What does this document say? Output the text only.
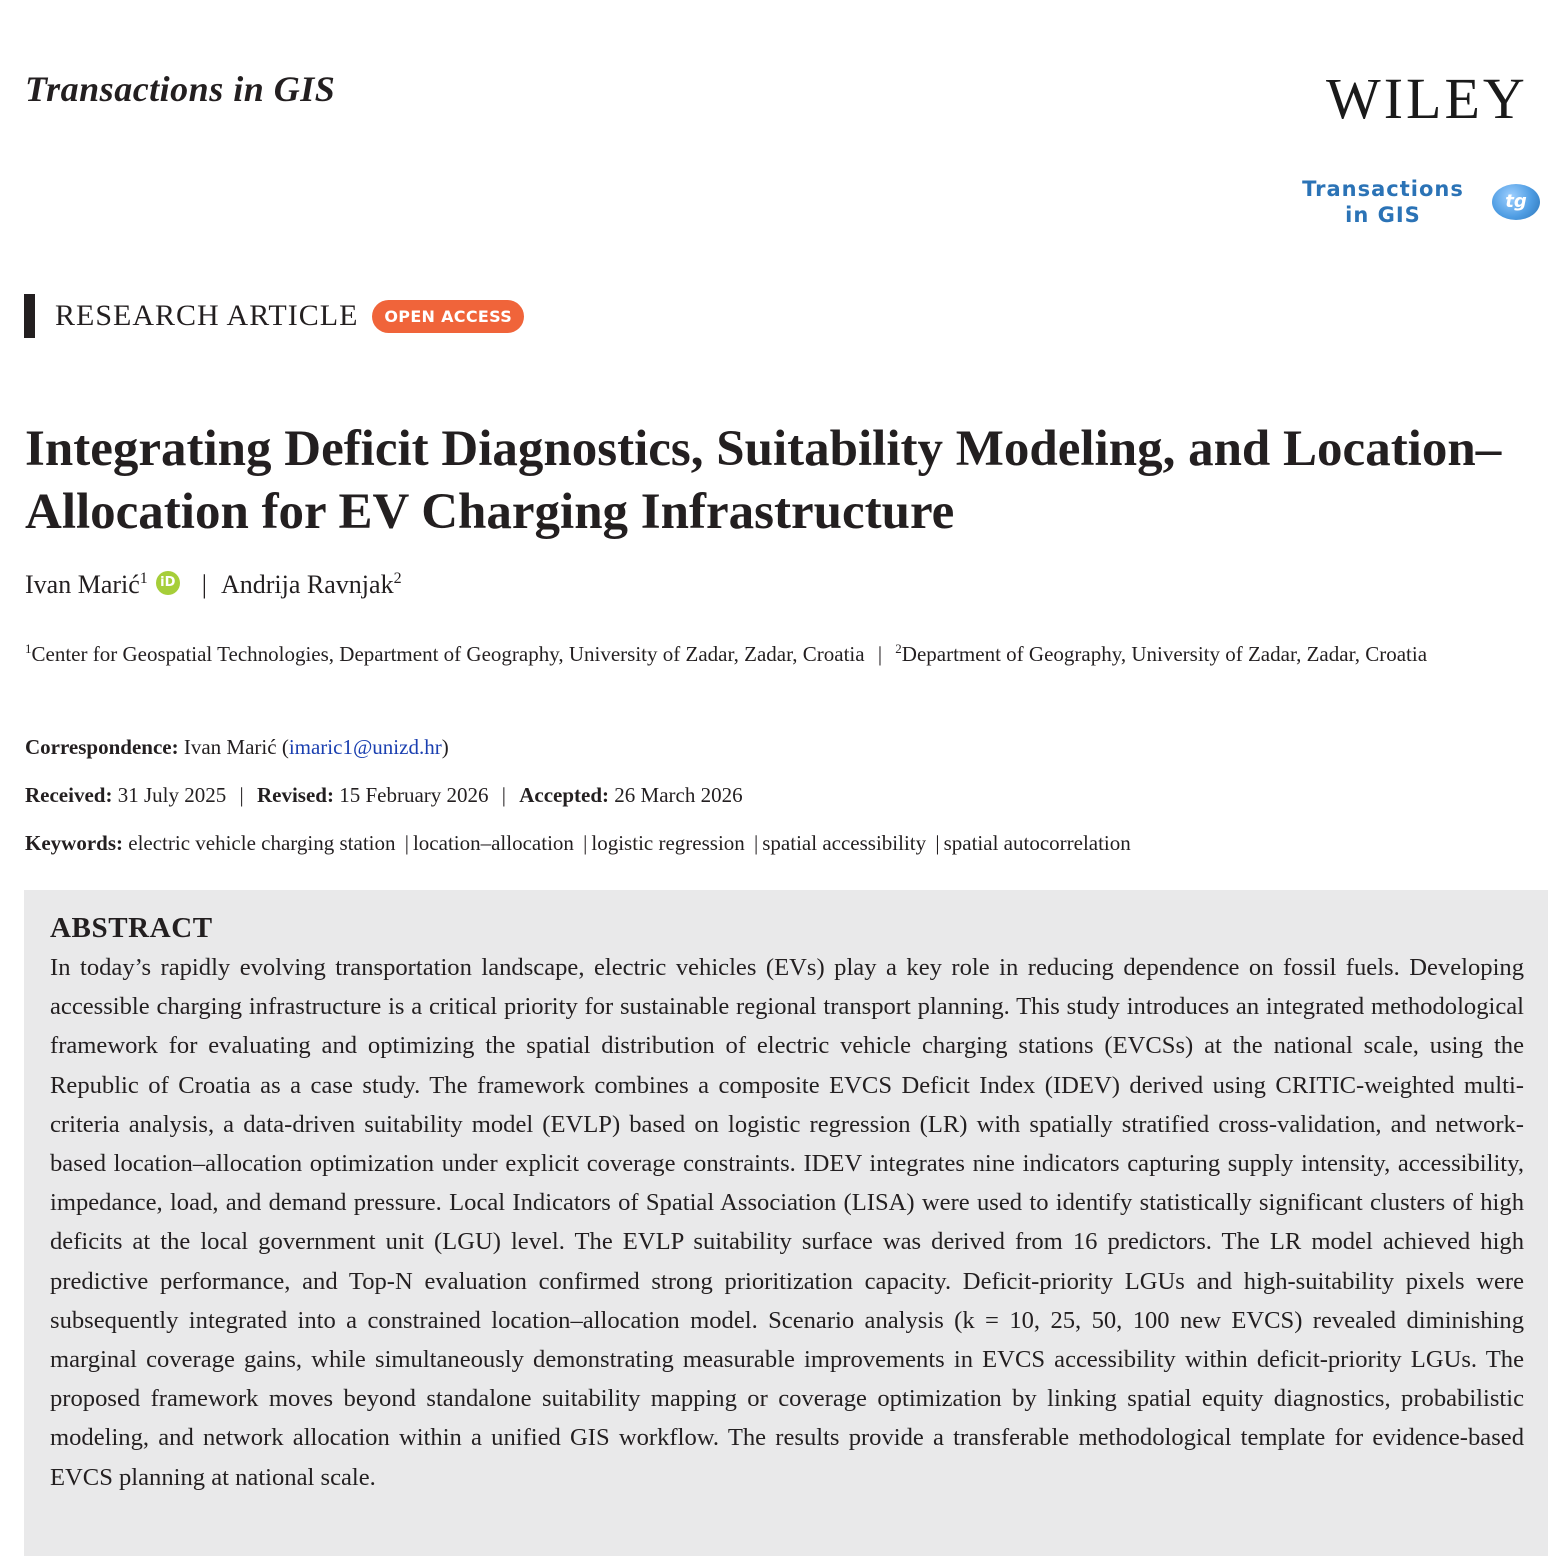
Transactions in GIS	WILEY
Transactions
in GIS
tg
RESEARCH ARTICLE	OPEN ACCESS
Integrating Deficit Diagnostics, Suitability Modeling, and Location–Allocation for EV Charging Infrastructure
Ivan Marić$^1$ iD | Andrija Ravnjak$^2$
$^1$Center for Geospatial Technologies, Department of Geography, University of Zadar, Zadar, Croatia | $^2$Department of Geography, University of Zadar, Zadar, Croatia
Correspondence: Ivan Marić (imaric1@unizd.hr)
Received: 31 July 2025 | Revised: 15 February 2026 | Accepted: 26 March 2026
Keywords: electric vehicle charging station | location–allocation | logistic regression | spatial accessibility | spatial autocorrelation
ABSTRACT

In today’s rapidly evolving transportation landscape, electric vehicles (EVs) play a key role in reducing dependence on fossil fuels. Developing accessible charging infrastructure is a critical priority for sustainable regional transport planning. This study introduces an integrated methodological framework for evaluating and optimizing the spatial distribution of electric vehicle charging stations (EVCSs) at the national scale, using the Republic of Croatia as a case study. The framework combines a composite EVCS Deficit Index (IDEV) derived using CRITIC-weighted multi-criteria analysis, a data-driven suitability model (EVLP) based on logistic regression (LR) with spatially stratified cross-validation, and network-based location–allocation optimization under explicit coverage constraints. IDEV integrates nine indicators capturing supply intensity, accessibility, impedance, load, and demand pressure. Local Indicators of Spatial Association (LISA) were used to identify statistically significant clusters of high deficits at the local government unit (LGU) level. The EVLP suitability surface was derived from 16 predictors. The LR model achieved high predictive performance, and Top-N evaluation confirmed strong prioritization capacity. Deficit-priority LGUs and high-suitability pixels were subsequently integrated into a constrained location–allocation model. Scenario analysis (k = 10, 25, 50, 100 new EVCS) revealed diminishing marginal coverage gains, while simultaneously demonstrating measurable improvements in EVCS accessibility within deficit-priority LGUs. The proposed framework moves beyond standalone suitability mapping or coverage optimization by linking spatial equity diagnostics, probabilistic modeling, and network allocation within a unified GIS workflow. The results provide a transferable methodological template for evidence-based EVCS planning at national scale.
